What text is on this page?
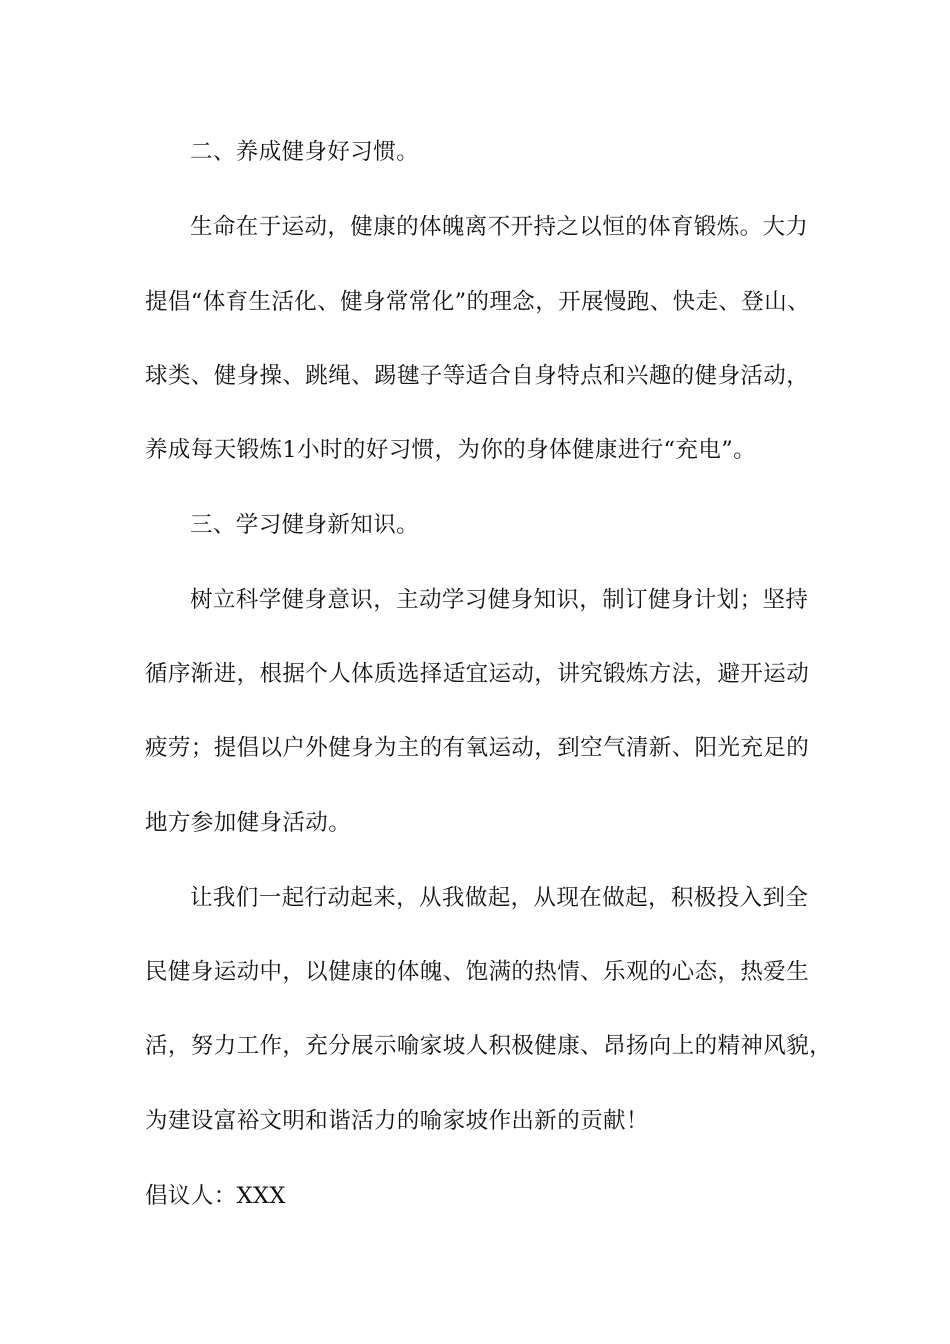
二、养成健身好习惯。
生命在于运动，健康的体魄离不开持之以恒的体育锻炼。大力
提倡“体育生活化、健身常常化”的理念，开展慢跑、快走、登山、
球类、健身操、跳绳、踢毽子等适合自身特点和兴趣的健身活动，
养成每天锻炼1小时的好习惯，为你的身体健康进行“充电”。
三、学习健身新知识。
树立科学健身意识，主动学习健身知识，制订健身计划；坚持
循序渐进，根据个人体质选择适宜运动，讲究锻炼方法，避开运动
疲劳；提倡以户外健身为主的有氧运动，到空气清新、阳光充足的
地方参加健身活动。
让我们一起行动起来，从我做起，从现在做起，积极投入到全
民健身运动中，以健康的体魄、饱满的热情、乐观的心态，热爱生
活，努力工作，充分展示喻家坡人积极健康、昂扬向上的精神风貌，
为建设富裕文明和谐活力的喻家坡作出新的贡献！
倡议人：XXX
